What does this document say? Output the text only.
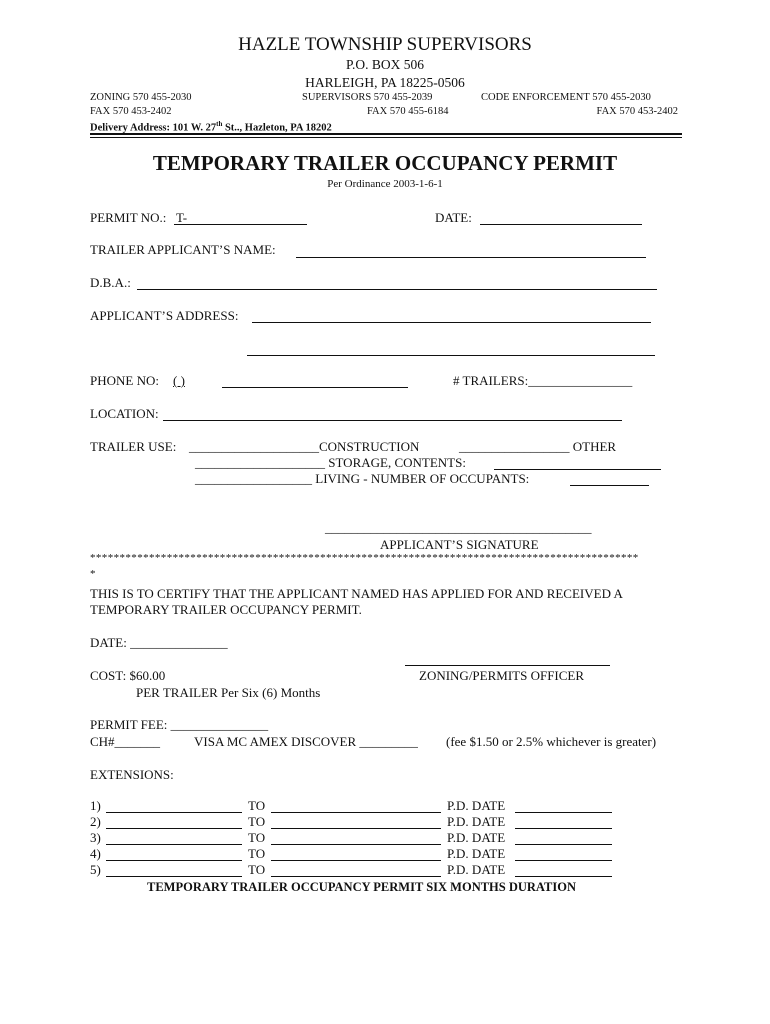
HAZLE TOWNSHIP SUPERVISORS
P.O. BOX 506
HARLEIGH, PA 18225-0506
ZONING 570 455-2030	SUPERVISORS 570 455-2039	CODE ENFORCEMENT 570 455-2030
FAX 570 453-2402	FAX 570 455-6184	FAX 570 453-2402
Delivery Address: 101 W. 27th St.., Hazleton, PA 18202
TEMPORARY TRAILER OCCUPANCY PERMIT
Per Ordinance 2003-1-6-1
PERMIT NO.: T-	DATE:
TRAILER APPLICANT’S NAME:
D.B.A.:
APPLICANT’S ADDRESS:
PHONE NO: ( )	# TRAILERS:________________
LOCATION:
TRAILER USE: ____________________CONSTRUCTION	_________________ OTHER
____________________ STORAGE, CONTENTS:
__________________ LIVING - NUMBER OF OCCUPANTS:
_________________________________________
APPLICANT’S SIGNATURE
*********************************************************************************************
*
THIS IS TO CERTIFY THAT THE APPLICANT NAMED HAS APPLIED FOR AND RECEIVED A
TEMPORARY TRAILER OCCUPANCY PERMIT.
DATE: _______________
COST: $60.00	ZONING/PERMITS OFFICER
PER TRAILER Per Six (6) Months
PERMIT FEE: _______________
CH#_______	VISA MC AMEX DISCOVER _________ (fee $1.50 or 2.5% whichever is greater)
EXTENSIONS:
1)	TO	P.D. DATE
2)	TO	P.D. DATE
3)	TO	P.D. DATE
4)	TO	P.D. DATE
5)	TO	P.D. DATE
TEMPORARY TRAILER OCCUPANCY PERMIT SIX MONTHS DURATION
